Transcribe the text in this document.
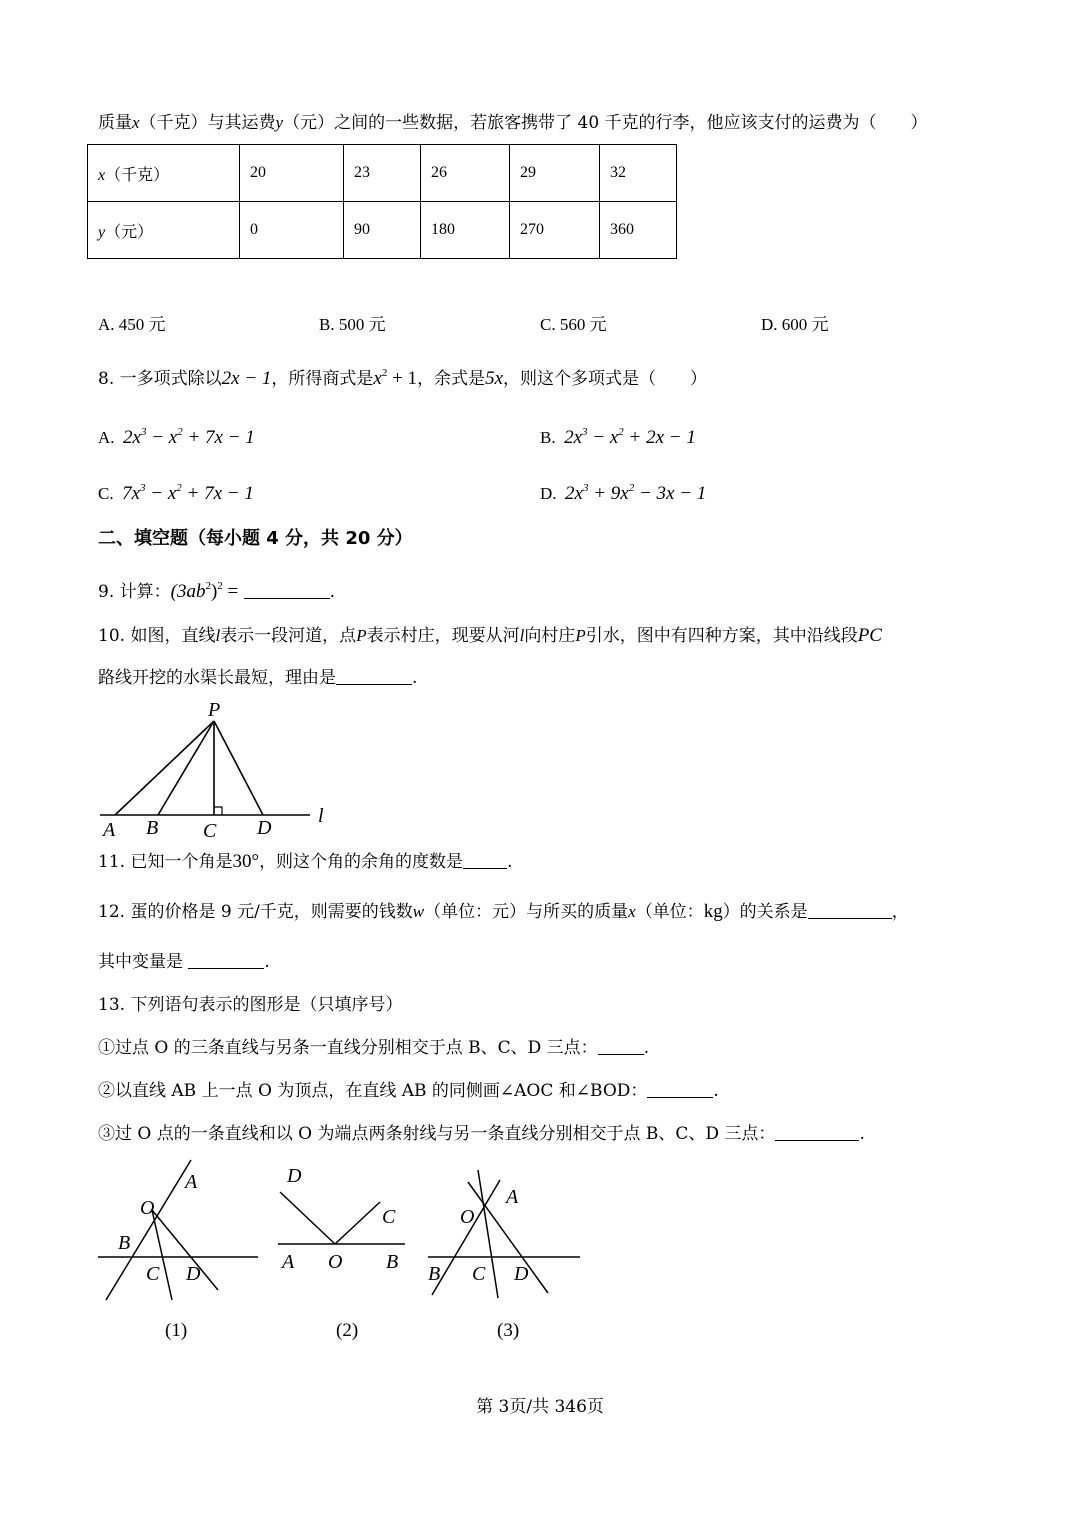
质量x（千克）与其运费y（元）之间的一些数据，若旅客携带了 40 千克的行李，他应该支付的运费为（　　）
x（千克）	20	23	26	29	32
y（元）	0	90	180	270	360
A. 450 元	B. 500 元	C. 560 元	D. 600 元
8. 一多项式除以2x − 1，所得商式是$x^2 + 1$，余式是5x，则这个多项式是（　　）
A. $2x^3 - x^2 + 7x - 1$	B. $2x^3 - x^2 + 2x - 1$
C. $7x^3 - x^2 + 7x - 1$	D. $2x^3 + 9x^2 - 3x - 1$
二、填空题（每小题 4 分，共 20 分）
9. 计算：$(3ab^2)^2$ =	.
10. 如图，直线l表示一段河道，点P表示村庄，现要从河l向村庄P引水，图中有四种方案，其中沿线段PC
路线开挖的水渠长最短，理由是	.
P
A B C D
l
A
O
B
C D
(1)
D
C
A O B
(2)
O
A
B C D
(3)
11. 已知一个角是30°，则这个角的余角的度数是	.
12. 蛋的价格是 9 元/千克，则需要的钱数w（单位：元）与所买的质量x（单位：kg）的关系是	，
其中变量是	.
13. 下列语句表示的图形是（只填序号）
①过点 O 的三条直线与另条一直线分别相交于点 B、C、D 三点：	.
②以直线 AB 上一点 O 为顶点，在直线 AB 的同侧画∠AOC 和∠BOD：	.
③过 O 点的一条直线和以 O 为端点两条射线与另一条直线分别相交于点 B、C、D 三点：	.
第 3页/共 346页
